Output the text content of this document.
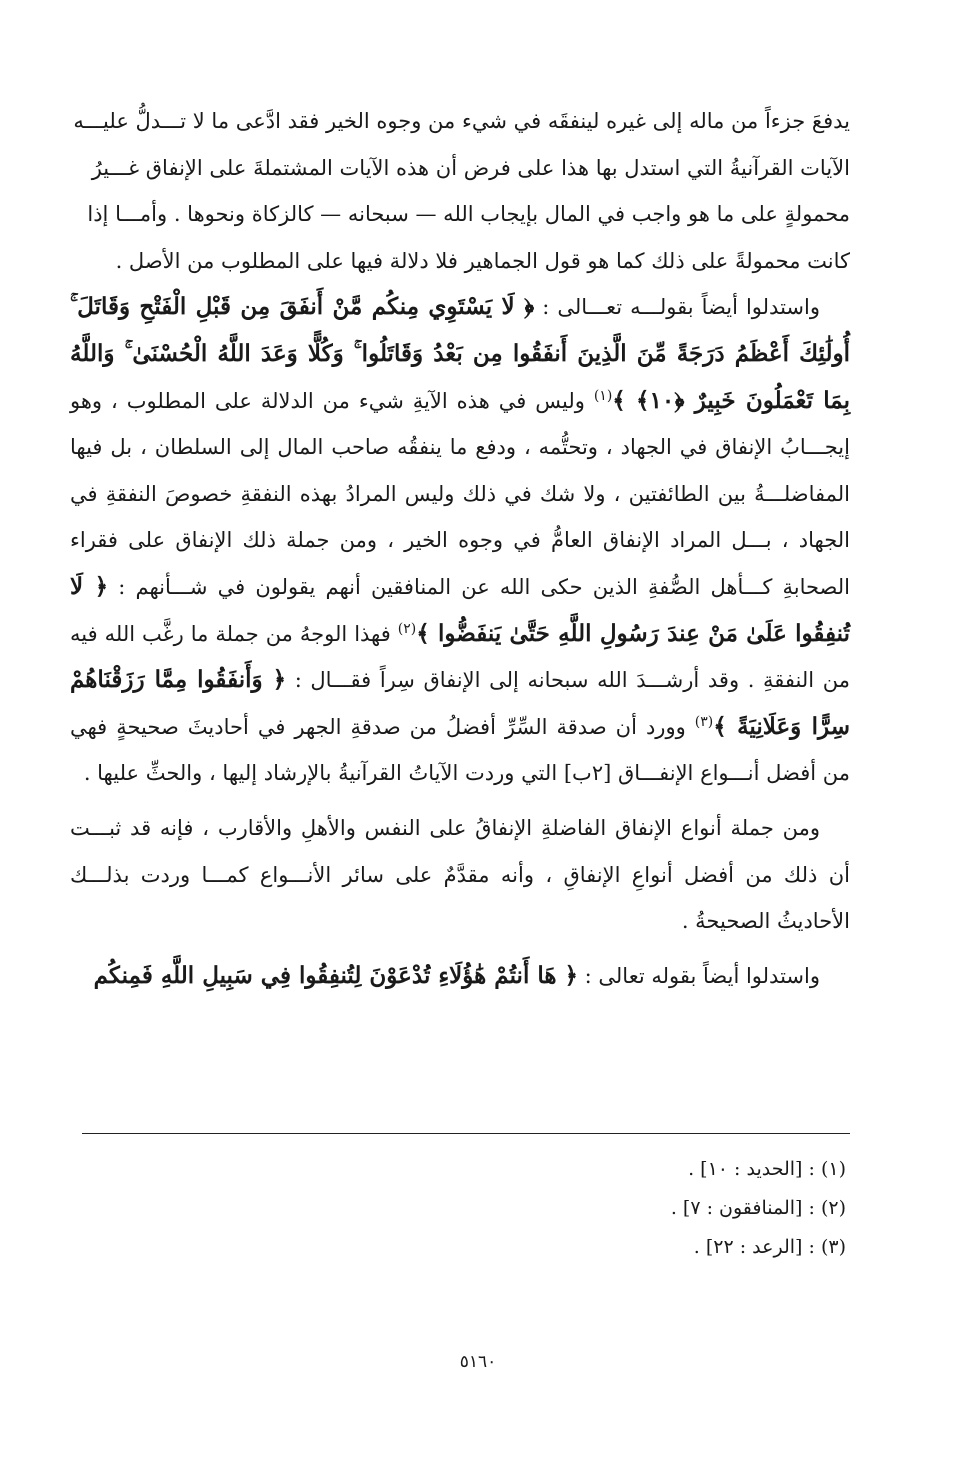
يدفعَ جزءاً من ماله إلى غيره لينفقَه في شيء من وجوه الخير فقد ادَّعى ما لا تـــدلُّ عليـــه
الآيات القرآنيةُ التي استدل بها هذا على فرض أن هذه الآيات المشتملةَ على الإنفاق غـــيرُ
محمولةٍ على ما هو واجب في المال بإيجاب الله — سبحانه — كالزكاة ونحوها . وأمـــا إذا
كانت محمولةً على ذلك كما هو قول الجماهير فلا دلالة فيها على المطلوب من الأصل .

واستدلوا أيضاً بقولـــه تعـــالى : ﴿ لَا يَسْتَوِي مِنكُم مَّنْ أَنفَقَ مِن قَبْلِ الْفَتْحِ وَقَاتَلَ ۚ أُولَٰئِكَ أَعْظَمُ دَرَجَةً مِّنَ الَّذِينَ أَنفَقُوا مِن بَعْدُ وَقَاتَلُوا ۚ وَكُلًّا وَعَدَ اللَّهُ الْحُسْنَىٰ ۚ وَاللَّهُ بِمَا تَعْمَلُونَ خَبِيرٌ ﴿١٠﴾ ﴾$^{(١)}$ وليس في هذه الآيةِ شيء من الدلالة على المطلوب ، وهو إيجـــابُ الإنفاق في الجهاد ، وتحتُّمه ، ودفع ما ينفقُه صاحب المال إلى السلطان ، بل فيها المفاضلـــةُ بين الطائفتين ، ولا شك في ذلك وليس المرادُ بهذه النفقةِ خصوصَ النفقةِ في الجهاد ، بـــل المراد الإنفاق العامُّ في وجوه الخير ، ومن جملة ذلك الإنفاق على فقراء الصحابةِ كـــأهل الصُّفةِ الذين حكى الله عن المنافقين أنهم يقولون في شـــأنهم : ﴿ لَا تُنفِقُوا عَلَىٰ مَنْ عِندَ رَسُولِ اللَّهِ حَتَّىٰ يَنفَضُّوا ﴾$^{(٢)}$ فهذا الوجهُ من جملة ما رغَّب الله فيه من النفقةِ . وقد أرشـــدَ الله سبحانه إلى الإنفاق سِراً فقـــال : ﴿ وَأَنفَقُوا مِمَّا رَزَقْنَاهُمْ سِرًّا وَعَلَانِيَةً ﴾$^{(٣)}$ وورد أن صدقة السِّرِّ أفضلُ من صدقةِ الجهر في أحاديثَ صحيحةٍ فهي من أفضل أنـــواع الإنفـــاق [٢ب] التي وردت الآياتُ القرآنيةُ بالإرشاد إليها ، والحثِّ عليها .

ومن جملة أنواع الإنفاق الفاضلةِ الإنفاقُ على النفس والأهلِ والأقارب ، فإنه قد ثبـــت أن ذلك من أفضل أنواعِ الإنفاقِ ، وأنه مقدَّمٌ على سائر الأنـــواع كمـــا وردت بذلـــك الأحاديثُ الصحيحةُ .

واستدلوا أيضاً بقوله تعالى : ﴿ هَا أَنتُمْ هَٰؤُلَاءِ تُدْعَوْنَ لِتُنفِقُوا فِي سَبِيلِ اللَّهِ فَمِنكُم

(١) : [الحديد : ١٠] .
(٢) : [المنافقون : ٧] .
(٣) : [الرعد : ٢٢] .
٥١٦٠
